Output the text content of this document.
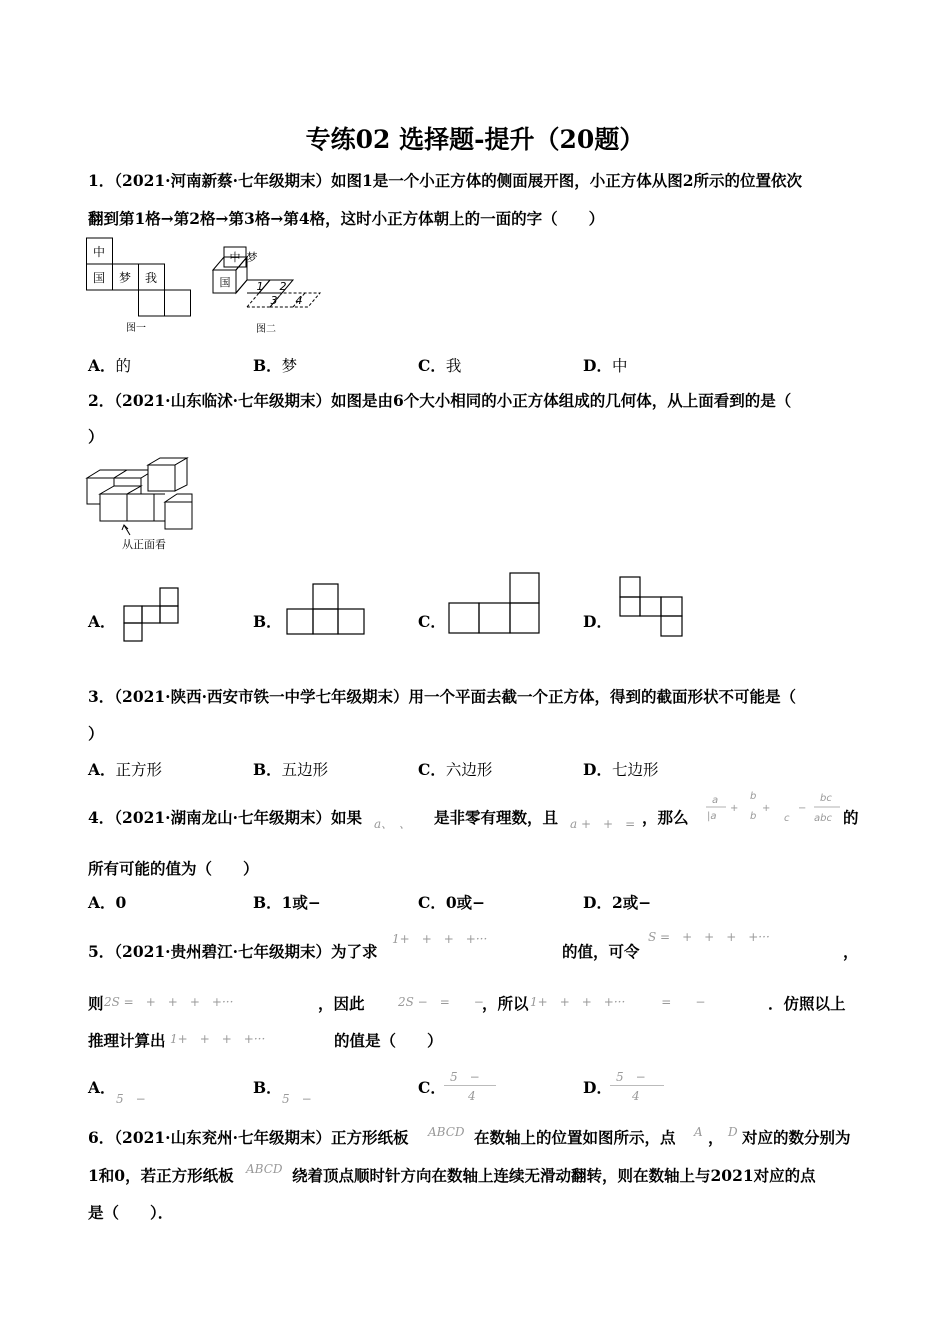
专练02 选择题-提升（20题）
1．（2021·河南新蔡·七年级期末）如图1是一个小正方体的侧面展开图，小正方体从图2所示的位置依次
翻到第1格→第2格→第3格→第4格，这时小正方体朝上的一面的字（　　）
中
国 梦 我
图一
中 梦
国 1 2
3 4
图二
A．的	B．梦	C．我	D．中
2．（2021·山东临沭·七年级期末）如图是由6个大小相同的小正方体组成的几何体，从上面看到的是（
）
从正面看
A．	B．	C．	D．
3．（2021·陕西·西安市铁一中学七年级期末）用一个平面去截一个正方体，得到的截面形状不可能是（
）
A．正方形	B．五边形	C．六边形	D．七边形
4．（2021·湖南龙山·七年级期末）如果 a、　、 是非零有理数，且 a +　+　= ，那么
a
|a
+
b
b
+
c
−
bc
abc 的
所有可能的值为（　　）
A．0	B．1或−	C．0或−	D．2或−
5．（2021·贵州碧江·七年级期末）为了求
1+　+　+　+···
的值，可令
S =　+　+　+　+···
，
则 2S =　+　+　+　+···	，因此	2S −　=　　−
，所以 1+　+　+　+···　　　=　　−	．仿照以上
推理计算出 1+　+　+　+···	的值是（　　）
A．
5　−
B．
5　−
C．
5　−
4	D．
5　−
4
6．（2021·山东兖州·七年级期末）正方形纸板 ABCD 在数轴上的位置如图所示，点 A ， D 对应的数分别为
1和0，若正方形纸板 ABCD 绕着顶点顺时针方向在数轴上连续无滑动翻转，则在数轴上与2021对应的点
是（　　）．
